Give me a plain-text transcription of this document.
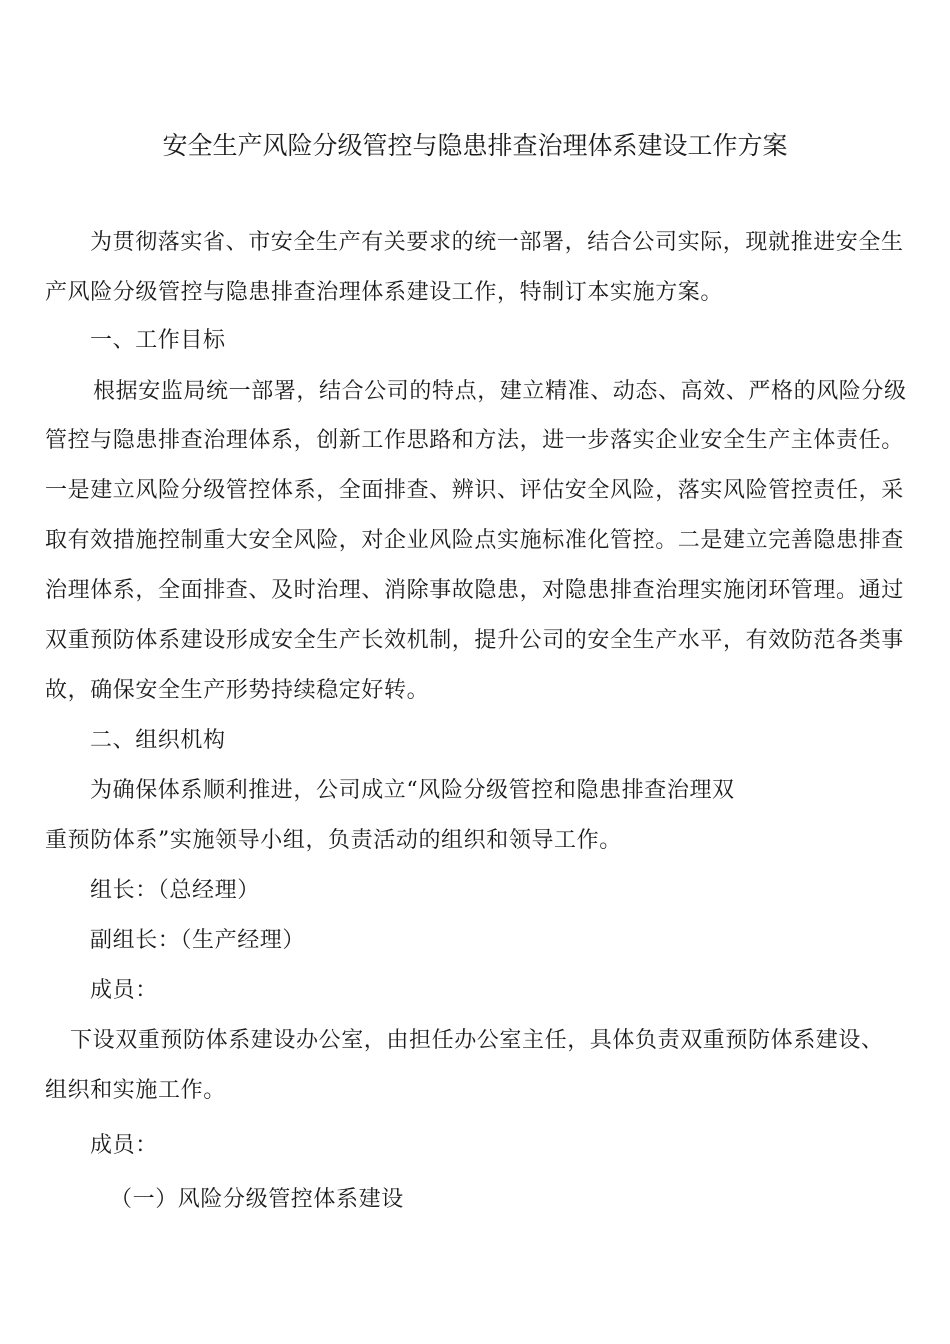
安全生产风险分级管控与隐患排查治理体系建设工作方案
为贯彻落实省、市安全生产有关要求的统一部署，结合公司实际，现就推进安全生
产风险分级管控与隐患排查治理体系建设工作，特制订本实施方案。
一、工作目标
根据安监局统一部署，结合公司的特点，建立精准、动态、高效、严格的风险分级
管控与隐患排查治理体系，创新工作思路和方法，进一步落实企业安全生产主体责任。
一是建立风险分级管控体系，全面排查、辨识、评估安全风险，落实风险管控责任，采
取有效措施控制重大安全风险，对企业风险点实施标准化管控。二是建立完善隐患排查
治理体系，全面排查、及时治理、消除事故隐患，对隐患排查治理实施闭环管理。通过
双重预防体系建设形成安全生产长效机制，提升公司的安全生产水平，有效防范各类事
故，确保安全生产形势持续稳定好转。
二、组织机构
为确保体系顺利推进，公司成立“风险分级管控和隐患排查治理双
重预防体系”实施领导小组，负责活动的组织和领导工作。
组长：（总经理）
副组长：（生产经理）
成员：
下设双重预防体系建设办公室，由担任办公室主任，具体负责双重预防体系建设、
组织和实施工作。
成员：
（一）风险分级管控体系建设
